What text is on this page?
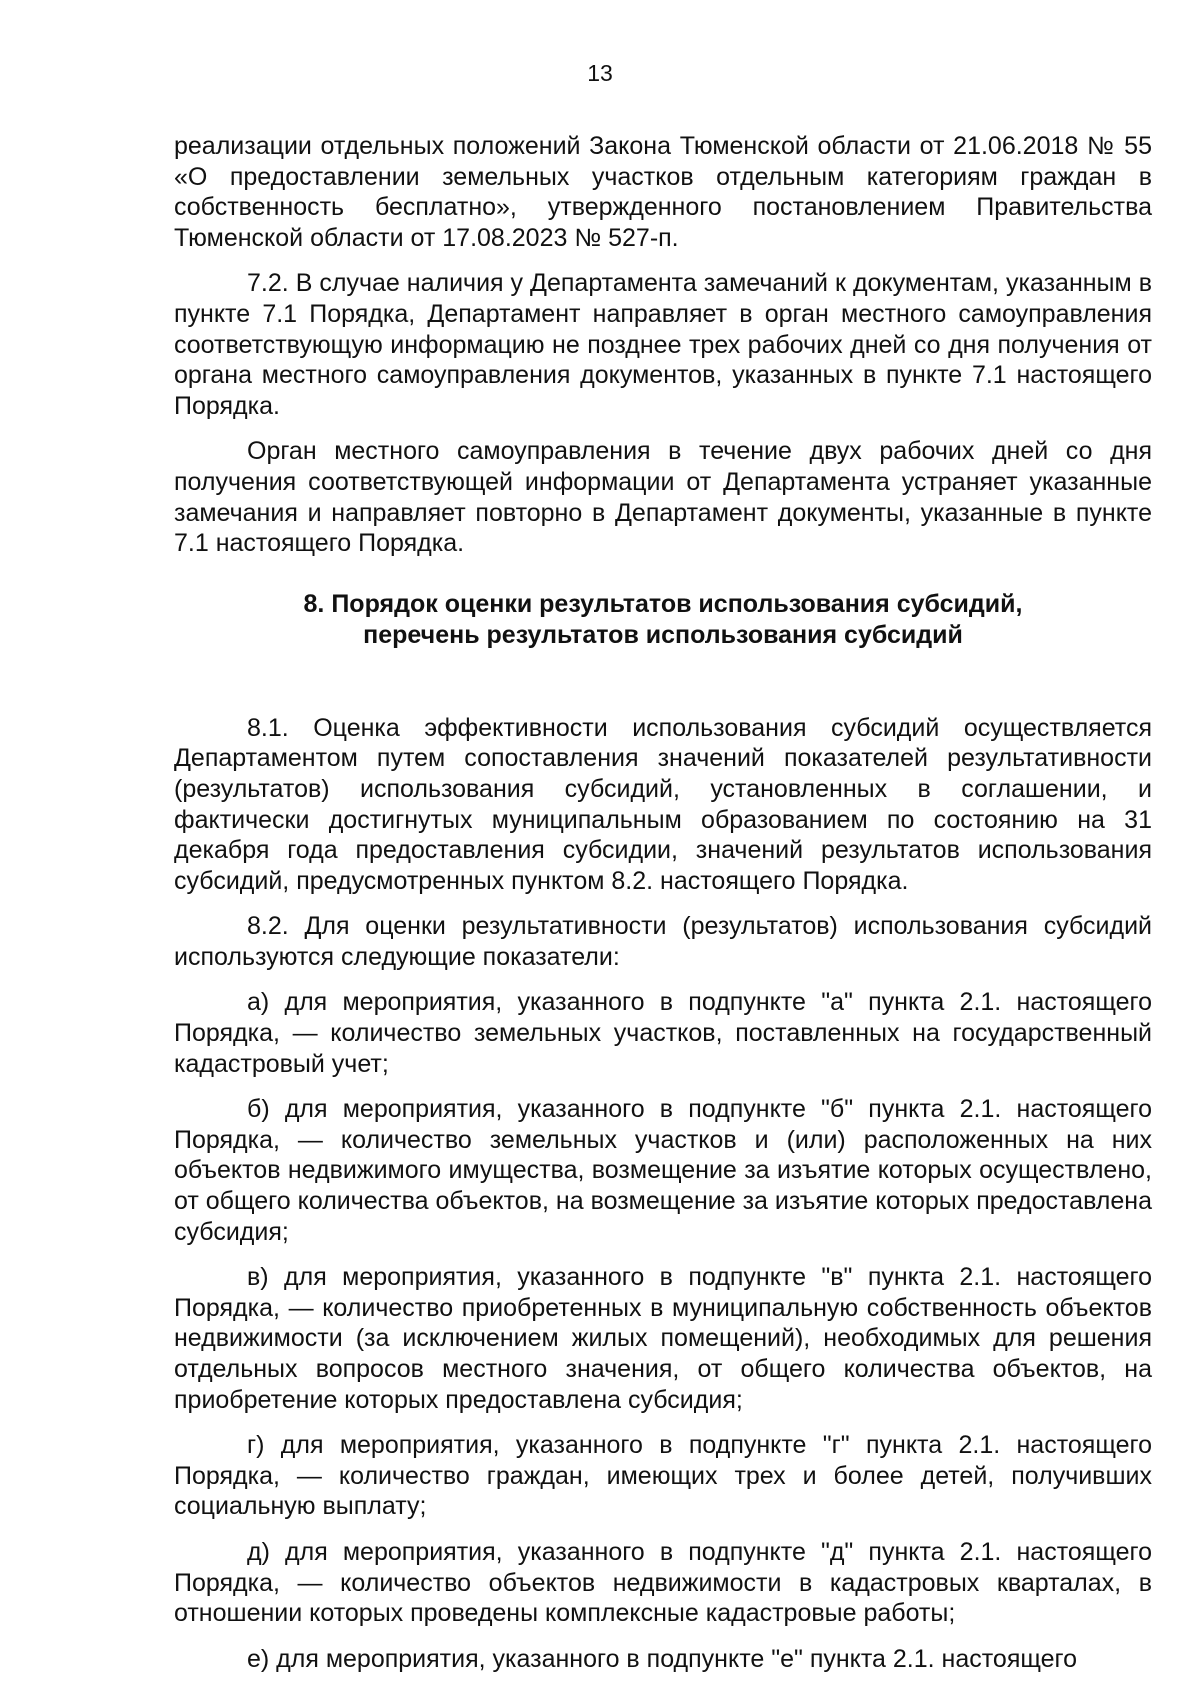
13

реализации отдельных положений Закона Тюменской области от 21.06.2018 № 55 «О предоставлении земельных участков отдельным категориям граждан в собственность бесплатно», утвержденного постановлением Правительства Тюменской области от 17.08.2023 № 527-п.

7.2. В случае наличия у Департамента замечаний к документам, указанным в пункте 7.1 Порядка, Департамент направляет в орган местного самоуправления соответствующую информацию не позднее трех рабочих дней со дня получения от органа местного самоуправления документов, указанных в пункте 7.1 настоящего Порядка.

Орган местного самоуправления в течение двух рабочих дней со дня получения соответствующей информации от Департамента устраняет указанные замечания и направляет повторно в Департамент документы, указанные в пункте 7.1 настоящего Порядка.

8. Порядок оценки результатов использования субсидий,
перечень результатов использования субсидий

8.1. Оценка эффективности использования субсидий осуществляется Департаментом путем сопоставления значений показателей результативности (результатов) использования субсидий, установленных в соглашении, и фактически достигнутых муниципальным образованием по состоянию на 31 декабря года предоставления субсидии, значений результатов использования субсидий, предусмотренных пунктом 8.2. настоящего Порядка.

8.2. Для оценки результативности (результатов) использования субсидий используются следующие показатели:

а) для мероприятия, указанного в подпункте "а" пункта 2.1. настоящего Порядка, — количество земельных участков, поставленных на государственный кадастровый учет;

б) для мероприятия, указанного в подпункте "б" пункта 2.1. настоящего Порядка, — количество земельных участков и (или) расположенных на них объектов недвижимого имущества, возмещение за изъятие которых осуществлено, от общего количества объектов, на возмещение за изъятие которых предоставлена субсидия;

в) для мероприятия, указанного в подпункте "в" пункта 2.1. настоящего Порядка, — количество приобретенных в муниципальную собственность объектов недвижимости (за исключением жилых помещений), необходимых для решения отдельных вопросов местного значения, от общего количества объектов, на приобретение которых предоставлена субсидия;

г) для мероприятия, указанного в подпункте "г" пункта 2.1. настоящего Порядка, — количество граждан, имеющих трех и более детей, получивших социальную выплату;

д) для мероприятия, указанного в подпункте "д" пункта 2.1. настоящего Порядка, — количество объектов недвижимости в кадастровых кварталах, в отношении которых проведены комплексные кадастровые работы;

е) для мероприятия, указанного в подпункте "е" пункта 2.1. настоящего
